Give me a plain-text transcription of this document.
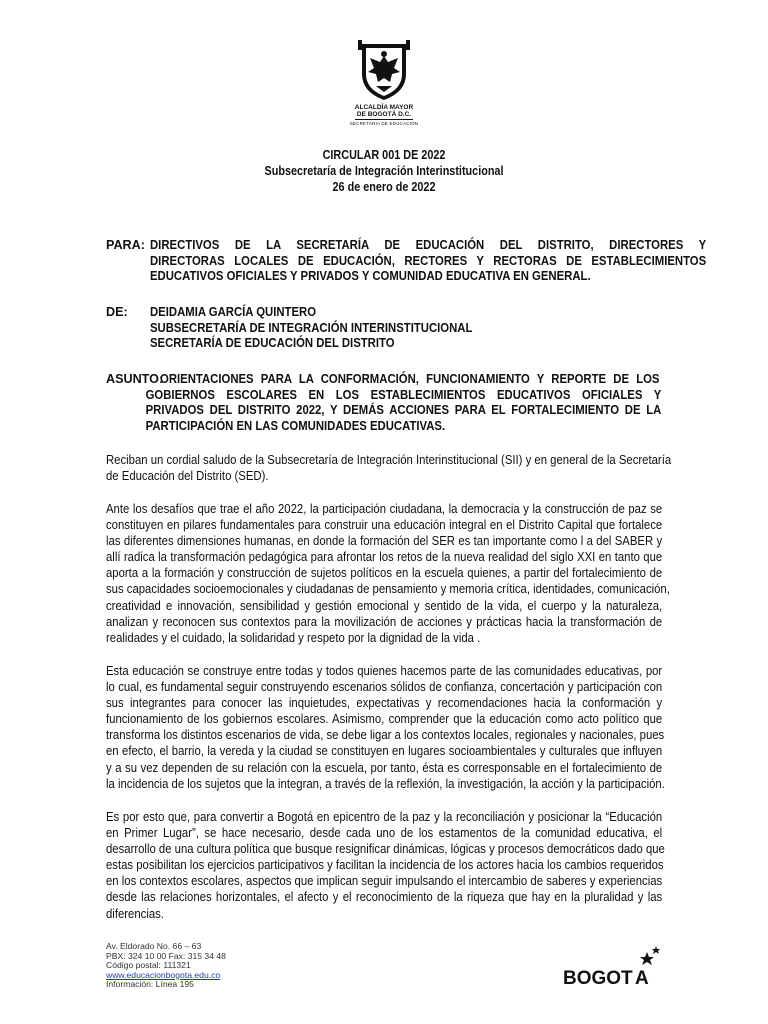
ALCALDÍA MAYOR
DE BOGOTÁ D.C.
SECRETARÍA DE EDUCACIÓN
CIRCULAR 001 DE 2022
Subsecretaría de Integración Interinstitucional
26 de enero de 2022
PARA: DIRECTIVOS DE LA SECRETARÍA DE EDUCACIÓN DEL DISTRITO, DIRECTORES Y
DIRECTORAS LOCALES DE EDUCACIÓN, RECTORES Y RECTORAS DE ESTABLECIMIENTOS
EDUCATIVOS OFICIALES Y PRIVADOS Y COMUNIDAD EDUCATIVA EN GENERAL.
DE: DEIDAMIA GARCÍA QUINTERO
SUBSECRETARÍA DE INTEGRACIÓN INTERINSTITUCIONAL
SECRETARÍA DE EDUCACIÓN DEL DISTRITO
ASUNTO:
ORIENTACIONES PARA LA CONFORMACIÓN, FUNCIONAMIENTO Y REPORTE DE LOS
GOBIERNOS ESCOLARES EN LOS ESTABLECIMIENTOS EDUCATIVOS OFICIALES Y
PRIVADOS DEL DISTRITO 2022, Y DEMÁS ACCIONES PARA EL FORTALECIMIENTO DE LA
PARTICIPACIÓN EN LAS COMUNIDADES EDUCATIVAS.
Reciban un cordial saludo de la Subsecretaría de Integración Interinstitucional (SII) y en general de la Secretaría
de Educación del Distrito (SED).
Ante los desafíos que trae el año 2022, la participación ciudadana, la democracia y la construcción de paz se
constituyen en pilares fundamentales para construir una educación integral en el Distrito Capital que fortalece
las diferentes dimensiones humanas, en donde la formación del SER es tan importante como l a del SABER y
allí radica la transformación pedagógica para afrontar los retos de la nueva realidad del siglo XXI en tanto que
aporta a la formación y construcción de sujetos políticos en la escuela quienes, a partir del fortalecimiento de
sus capacidades socioemocionales y ciudadanas de pensamiento y memoria crítica, identidades, comunicación,
creatividad e innovación, sensibilidad y gestión emocional y sentido de la vida, el cuerpo y la naturaleza,
analizan y reconocen sus contextos para la movilización de acciones y prácticas hacia la transformación de
realidades y el cuidado, la solidaridad y respeto por la dignidad de la vida .
Esta educación se construye entre todas y todos quienes hacemos parte de las comunidades educativas, por
lo cual, es fundamental seguir construyendo escenarios sólidos de confianza, concertación y participación con
sus integrantes para conocer las inquietudes, expectativas y recomendaciones hacia la conformación y
funcionamiento de los gobiernos escolares. Asimismo, comprender que la educación como acto político que
transforma los distintos escenarios de vida, se debe ligar a los contextos locales, regionales y nacionales, pues
en efecto, el barrio, la vereda y la ciudad se constituyen en lugares socioambientales y culturales que influyen
y a su vez dependen de su relación con la escuela, por tanto, ésta es corresponsable en el fortalecimiento de
la incidencia de los sujetos que la integran, a través de la reflexión, la investigación, la acción y la participación.
Es por esto que, para convertir a Bogotá en epicentro de la paz y la reconciliación y posicionar la “Educación
en Primer Lugar”, se hace necesario, desde cada uno de los estamentos de la comunidad educativa, el
desarrollo de una cultura política que busque resignificar dinámicas, lógicas y procesos democráticos dado que
estas posibilitan los ejercicios participativos y facilitan la incidencia de los actores hacia los cambios requeridos
en los contextos escolares, aspectos que implican seguir impulsando el intercambio de saberes y experiencias
desde las relaciones horizontales, el afecto y el reconocimiento de la riqueza que hay en la pluralidad y las
diferencias.
Av. Eldorado No. 66 – 63
PBX: 324 10 00 Fax: 315 34 48
Código postal: 111321
www.educacionbogota.edu.co
Información: Línea 195	BOGOT A
